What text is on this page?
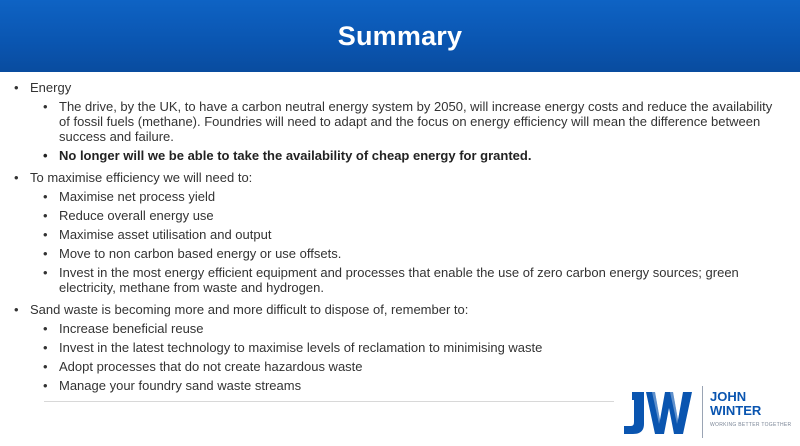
Summary
• Energy
• The drive, by the UK, to have a carbon neutral energy system by 2050, will increase energy costs and reduce the availability of fossil fuels (methane). Foundries will need to adapt and the focus on energy efficiency will mean the difference between success and failure.
• No longer will we be able to take the availability of cheap energy for granted.
• To maximise efficiency we will need to:
• Maximise net process yield
• Reduce overall energy use
• Maximise asset utilisation and output
• Move to non carbon based energy or use offsets.
• Invest in the most energy efficient equipment and processes that enable the use of zero carbon energy sources; green electricity, methane from waste and hydrogen.
• Sand waste is becoming more and more difficult to dispose of, remember to:
• Increase beneficial reuse
• Invest in the latest technology to maximise levels of reclamation to minimising waste
• Adopt processes that do not create hazardous waste
• Manage your foundry sand waste streams
JOHN
WINTER
WORKING BETTER TOGETHER
